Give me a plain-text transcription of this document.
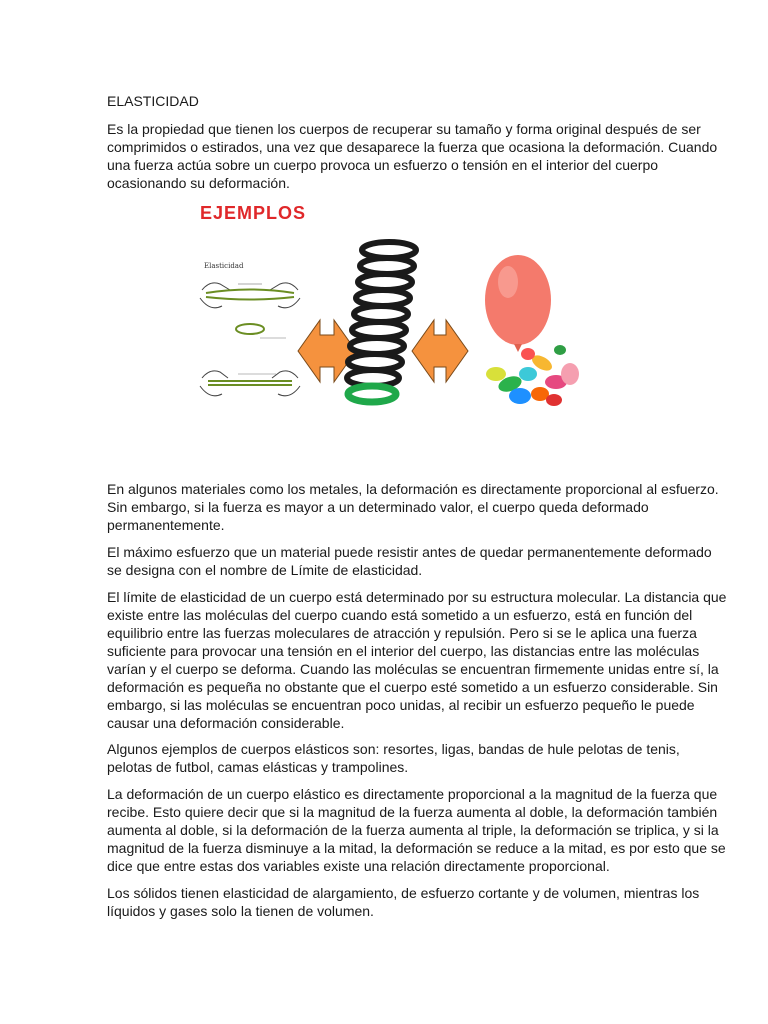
ELASTICIDAD

Es la propiedad que tienen los cuerpos de recuperar su tamaño y forma original después de ser comprimidos o estirados, una vez que desaparece la fuerza que ocasiona la deformación. Cuando una fuerza actúa sobre un cuerpo provoca un esfuerzo o tensión en el interior del cuerpo ocasionando su deformación.

EJEMPLOS
Elasticidad

En algunos materiales como los metales, la deformación es directamente proporcional al esfuerzo. Sin embargo, si la fuerza es mayor a un determinado valor, el cuerpo queda deformado permanentemente.

El máximo esfuerzo que un material puede resistir antes de quedar permanentemente deformado se designa con el nombre de Límite de elasticidad.

El límite de elasticidad de un cuerpo está determinado por su estructura molecular. La distancia que existe entre las moléculas del cuerpo cuando está sometido a un esfuerzo, está en función del equilibrio entre las fuerzas moleculares de atracción y repulsión. Pero si se le aplica una fuerza suficiente para provocar una tensión en el interior del cuerpo, las distancias entre las moléculas varían y el cuerpo se deforma. Cuando las moléculas se encuentran firmemente unidas entre sí, la deformación es pequeña no obstante que el cuerpo esté sometido a un esfuerzo considerable. Sin embargo, si las moléculas se encuentran poco unidas, al recibir un esfuerzo pequeño le puede causar una deformación considerable.

Algunos ejemplos de cuerpos elásticos son: resortes, ligas, bandas de hule pelotas de tenis, pelotas de futbol, camas elásticas y trampolines.

La deformación de un cuerpo elástico es directamente proporcional a la magnitud de la fuerza que recibe. Esto quiere decir que si la magnitud de la fuerza aumenta al doble, la deformación también aumenta al doble, si la deformación de la fuerza aumenta al triple, la deformación se triplica, y si la magnitud de la fuerza disminuye a la mitad, la deformación se reduce a la mitad, es por esto que se dice que entre estas dos variables existe una relación directamente proporcional.

Los sólidos tienen elasticidad de alargamiento, de esfuerzo cortante y de volumen, mientras los líquidos y gases solo la tienen de volumen.
